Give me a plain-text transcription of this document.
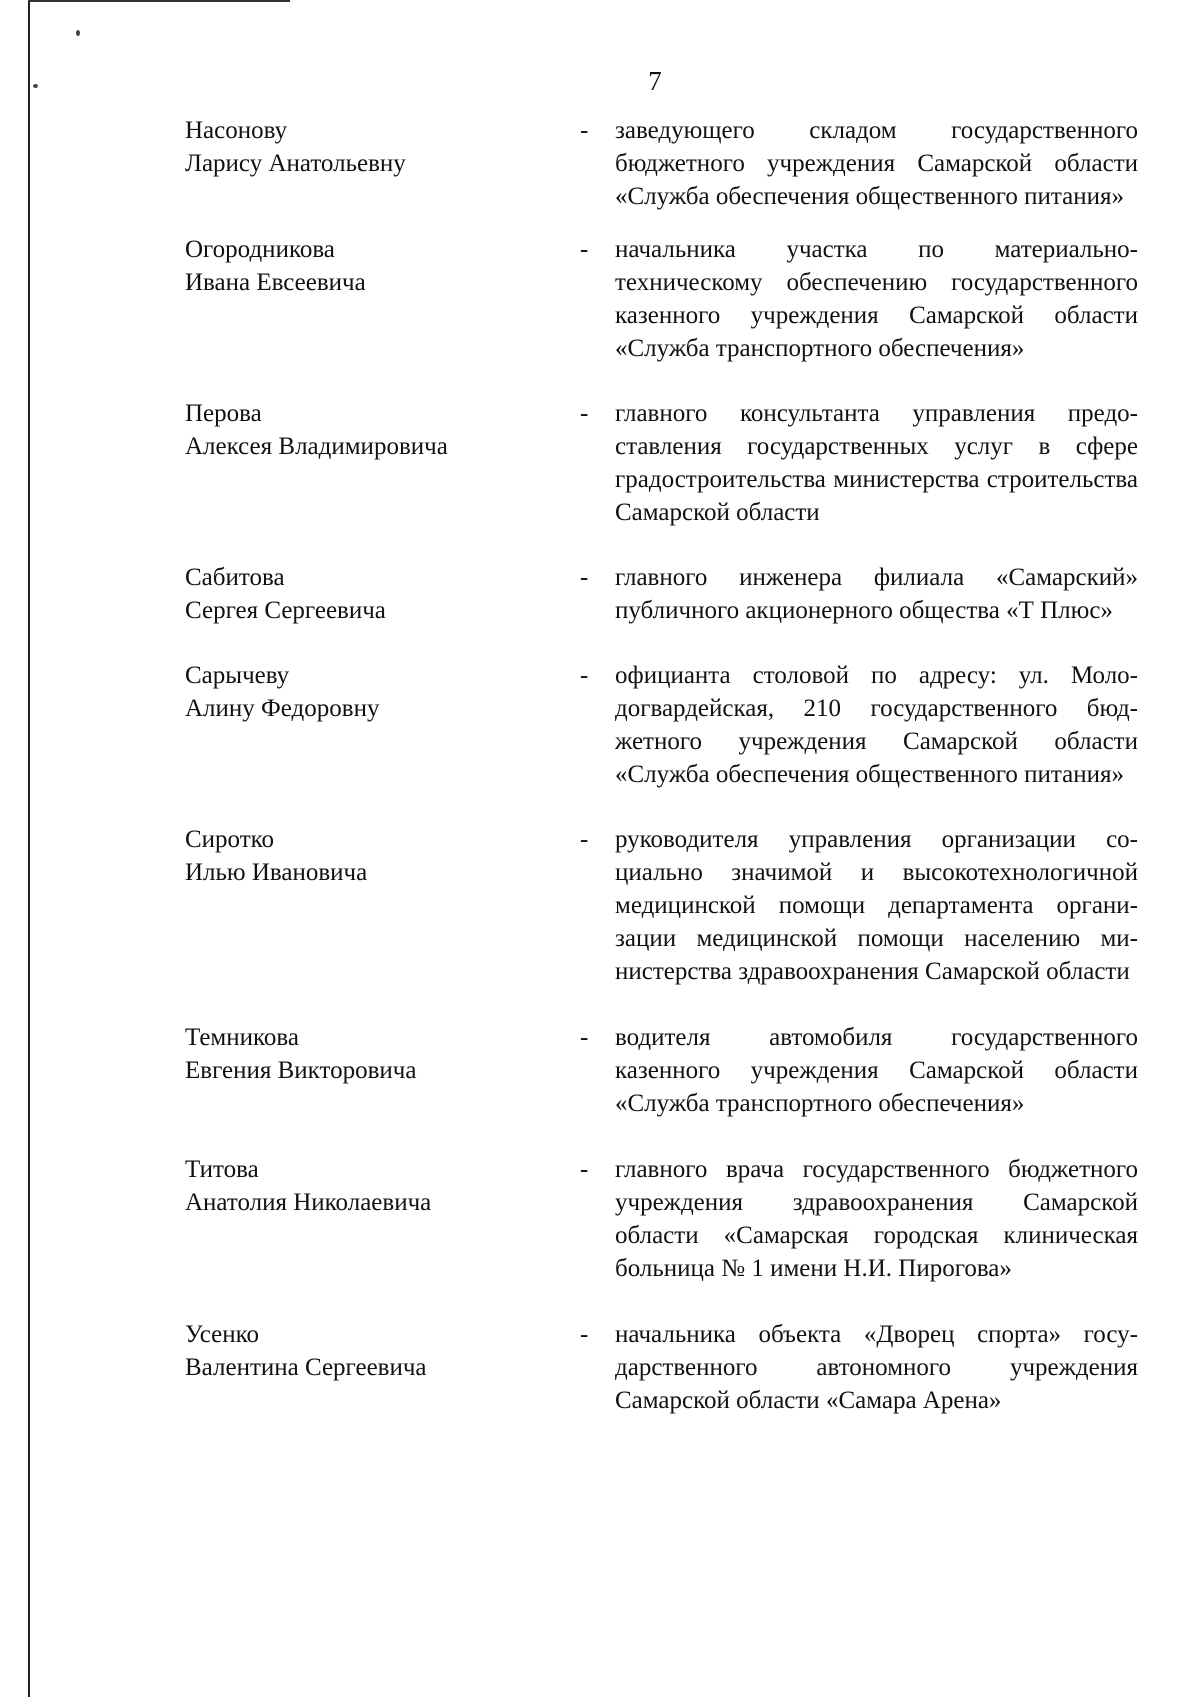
7
Насонову
Ларису Анатольевну
-	заведующего складом государственного бюджетного учреждения Самарской области «Служба обеспечения общественного питания»
Огородникова
Ивана Евсеевича
-	начальника участка по материально-техническому обеспечению государственного казенного учреждения Самарской области «Служба транспортного обеспечения»
Перова
Алексея Владимировича
-	главного консультанта управления предоставления государственных услуг в сфере градостроительства министерства строительства Самарской области
Сабитова
Сергея Сергеевича
-	главного инженера филиала «Самарский» публичного акционерного общества «Т Плюс»
Сарычеву
Алину Федоровну
-	официанта столовой по адресу: ул. Молодогвардейская, 210 государственного бюджетного учреждения Самарской области «Служба обеспечения общественного питания»
Сиротко
Илью Ивановича
-	руководителя управления организации социально значимой и высокотехнологичной медицинской помощи департамента организации медицинской помощи населению министерства здравоохранения Самарской области
Темникова
Евгения Викторовича
-	водителя автомобиля государственного казенного учреждения Самарской области «Служба транспортного обеспечения»
Титова
Анатолия Николаевича
-	главного врача государственного бюджетного учреждения здравоохранения Самарской области «Самарская городская клиническая больница № 1 имени Н.И. Пирогова»
Усенко
Валентина Сергеевича
-	начальника объекта «Дворец спорта» государственного автономного учреждения Самарской области «Самара Арена»
